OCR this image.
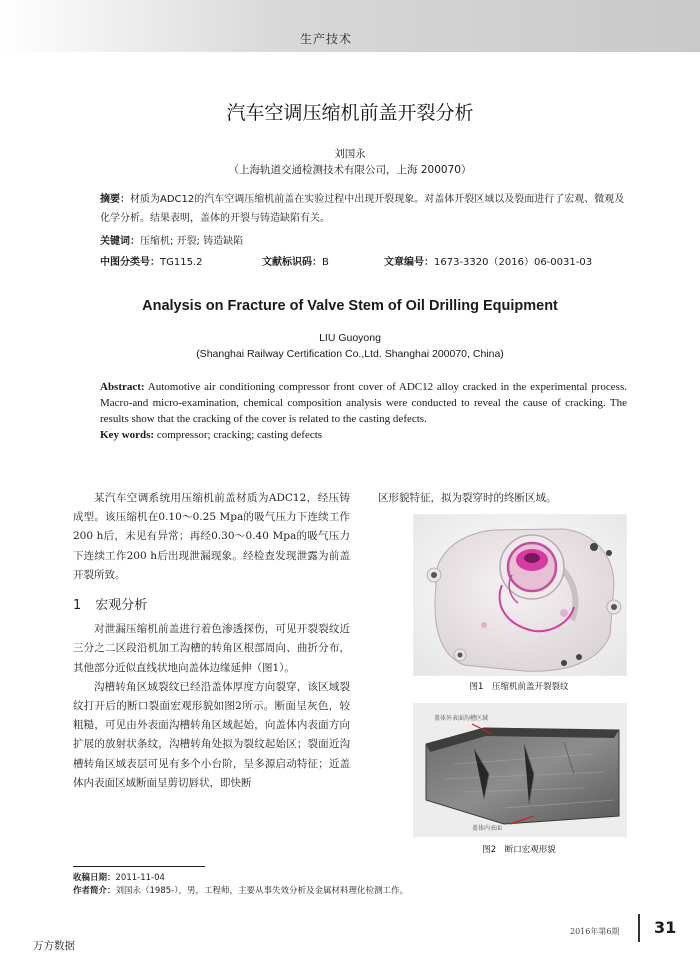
生产技术
汽车空调压缩机前盖开裂分析
刘国永
（上海轨道交通检测技术有限公司，上海 200070）
摘要：材质为ADC12的汽车空调压缩机前盖在实验过程中出现开裂现象。对盖体开裂区域以及裂面进行了宏观、微观及化学分析。结果表明，盖体的开裂与铸造缺陷有关。
关键词：压缩机; 开裂; 铸造缺陷
中图分类号：TG115.2	文献标识码：B	文章编号：1673-3320（2016）06-0031-03
Analysis on Fracture of Valve Stem of Oil Drilling Equipment
LIU Guoyong
(Shanghai Railway Certification Co.,Ltd. Shanghai 200070, China)
Abstract: Automotive air conditioning compressor front cover of ADC12 alloy cracked in the experimental process. Macro-and micro-examination, chemical composition analysis were conducted to reveal the cause of cracking. The results show that the cracking of the cover is related to the casting defects.
Key words: compressor; cracking; casting defects

某汽车空调系统用压缩机前盖材质为ADC12，经压铸成型。该压缩机在0.10～0.25 Mpa的吸气压力下连续工作200 h后，未见有异常；再经0.30～0.40 Mpa的吸气压力下连续工作200 h后出现泄漏现象。经检查发现泄露为前盖开裂所致。

1 宏观分析

对泄漏压缩机前盖进行着色渗透探伤，可见开裂裂纹近三分之二区段沿机加工沟槽的转角区根部周向、曲折分布，其他部分近似直线状地向盖体边缘延伸（图1）。

沟槽转角区域裂纹已经沿盖体厚度方向裂穿，该区域裂纹打开后的断口裂面宏观形貌如图2所示。断面呈灰色，较粗糙，可见由外表面沟槽转角区域起始，向盖体内表面方向扩展的放射状条纹，沟槽转角处拟为裂纹起始区；裂面近沟槽转角区域表层可见有多个小台阶，呈多源启动特征；近盖体内表面区域断面呈剪切唇状，即快断

区形貌特征，拟为裂穿时的终断区域。
图1　压缩机前盖开裂裂纹
盖体外表面沟槽区域
盖体内表面
图2　断口宏观形貌
收稿日期：2011-11-04
作者简介：刘国永（1985-），男，工程师，主要从事失效分析及金属材料理化检测工作。
2016年第6期 31
万方数据
